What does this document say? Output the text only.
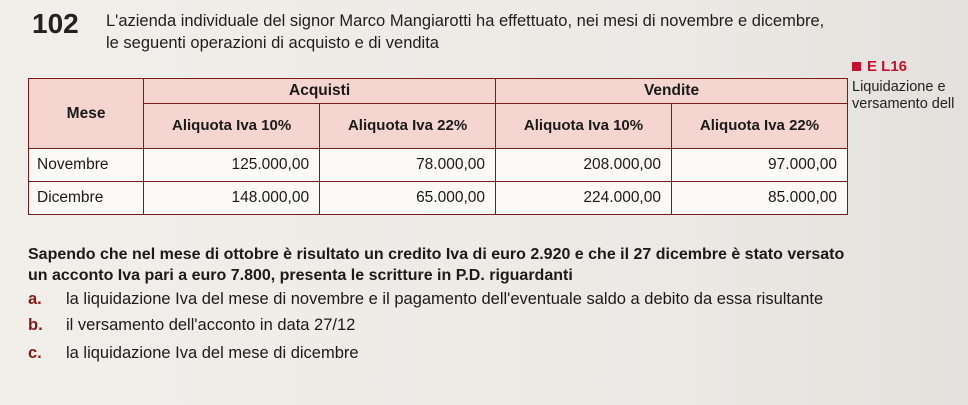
102 L'azienda individuale del signor Marco Mangiarotti ha effettuato, nei mesi di novembre e dicembre, le seguenti operazioni di acquisto e di vendita
E L16
Liquidazione e versamento dell
Mese	Acquisti		Vendite	
	Aliquota Iva 10%	Aliquota Iva 22%	Aliquota Iva 10%	Aliquota Iva 22%
Novembre	125.000,00	78.000,00	208.000,00	97.000,00
Dicembre	148.000,00	65.000,00	224.000,00	85.000,00
Sapendo che nel mese di ottobre è risultato un credito Iva di euro 2.920 e che il 27 dicembre è stato versato un acconto Iva pari a euro 7.800, presenta le scritture in P.D. riguardanti
a.	la liquidazione Iva del mese di novembre e il pagamento dell'eventuale saldo a debito da essa risultante
b.	il versamento dell'acconto in data 27/12
c.	la liquidazione Iva del mese di dicembre
